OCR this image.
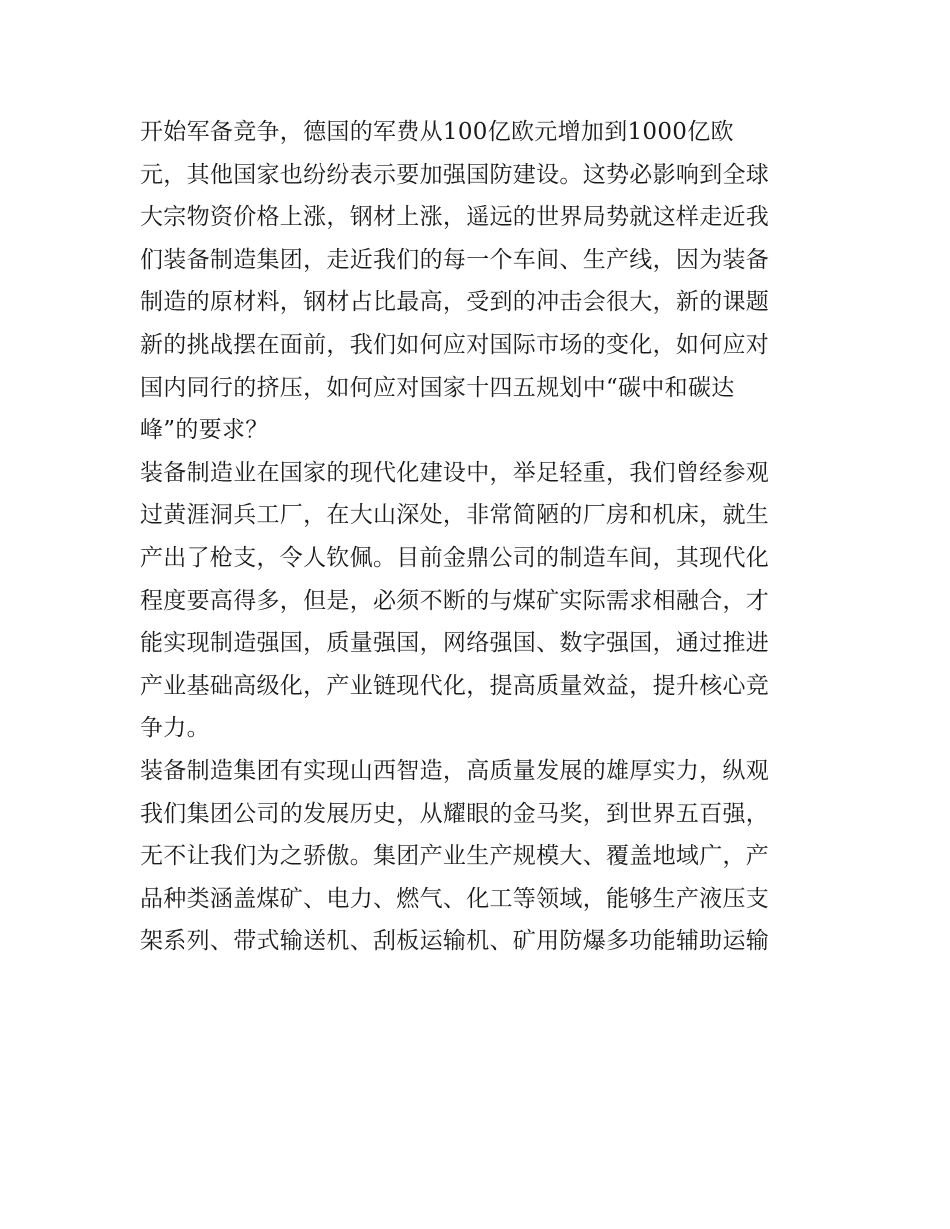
开始军备竞争，德国的军费从100亿欧元增加到1000亿欧
元，其他国家也纷纷表示要加强国防建设。这势必影响到全球
大宗物资价格上涨，钢材上涨，遥远的世界局势就这样走近我
们装备制造集团，走近我们的每一个车间、生产线，因为装备
制造的原材料，钢材占比最高，受到的冲击会很大，新的课题
新的挑战摆在面前，我们如何应对国际市场的变化，如何应对
国内同行的挤压，如何应对国家十四五规划中“碳中和碳达
峰”的要求？
装备制造业在国家的现代化建设中，举足轻重，我们曾经参观
过黄涯洞兵工厂，在大山深处，非常简陋的厂房和机床，就生
产出了枪支，令人钦佩。目前金鼎公司的制造车间，其现代化
程度要高得多，但是，必须不断的与煤矿实际需求相融合，才
能实现制造强国，质量强国，网络强国、数字强国，通过推进
产业基础高级化，产业链现代化，提高质量效益，提升核心竞
争力。
装备制造集团有实现山西智造，高质量发展的雄厚实力，纵观
我们集团公司的发展历史，从耀眼的金马奖，到世界五百强，
无不让我们为之骄傲。集团产业生产规模大、覆盖地域广，产
品种类涵盖煤矿、电力、燃气、化工等领域，能够生产液压支
架系列、带式输送机、刮板运输机、矿用防爆多功能辅助运输
